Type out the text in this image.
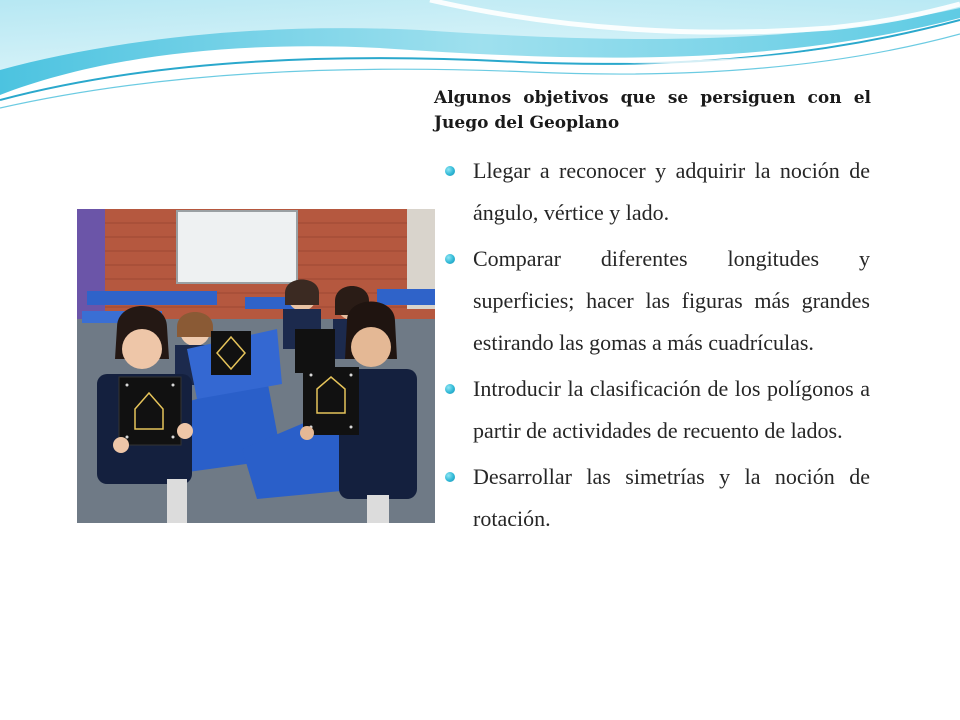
Algunos objetivos que se persiguen con el Juego del Geoplano

Llegar a reconocer y adquirir la noción de ángulo, vértice y lado.
Comparar diferentes longitudes y superficies; hacer las figuras más grandes estirando las gomas a más cuadrículas.
Introducir la clasificación de los polígonos a partir de actividades de recuento de lados.
Desarrollar las simetrías y la noción de rotación.
